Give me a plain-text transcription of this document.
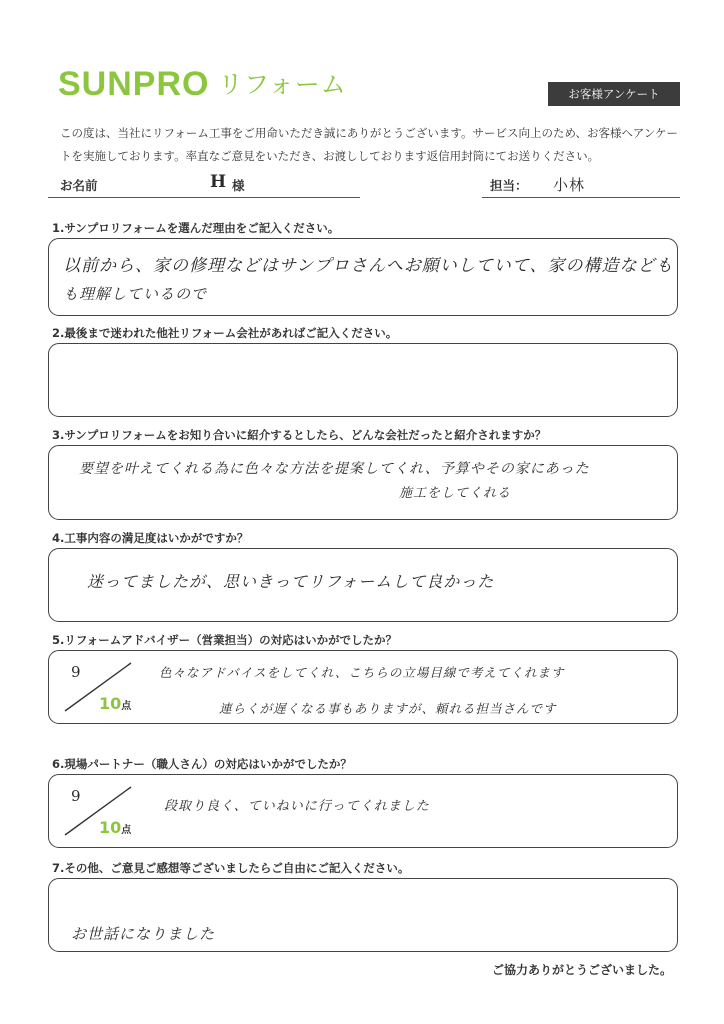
SUNPRO リフォーム	お客様アンケート
この度は、当社にリフォーム工事をご用命いただき誠にありがとうございます。サービス向上のため、お客様へアンケー
トを実施しております。率直なご意見をいただき、お渡ししております返信用封筒にてお送りください。
お名前	H 様	担当： 小林
1.サンプロリフォームを選んだ理由をご記入ください。
以前から、家の修理などはサンプロさんへお願いしていて、家の構造なども
も理解しているので
2.最後まで迷われた他社リフォーム会社があればご記入ください。
3.サンプロリフォームをお知り合いに紹介するとしたら、どんな会社だったと紹介されますか？
要望を叶えてくれる為に色々な方法を提案してくれ、予算やその家にあった
施工をしてくれる
4.工事内容の満足度はいかがですか？
迷ってましたが、思いきってリフォームして良かった
5.リフォームアドバイザー（営業担当）の対応はいかがでしたか？
9
10点
色々なアドバイスをしてくれ、こちらの立場目線で考えてくれます
連らくが遅くなる事もありますが、頼れる担当さんです
6.現場パートナー（職人さん）の対応はいかがでしたか？
9
10点
段取り良く、ていねいに行ってくれました
7.その他、ご意見ご感想等ございましたらご自由にご記入ください。
お世話になりました
ご協力ありがとうございました。
